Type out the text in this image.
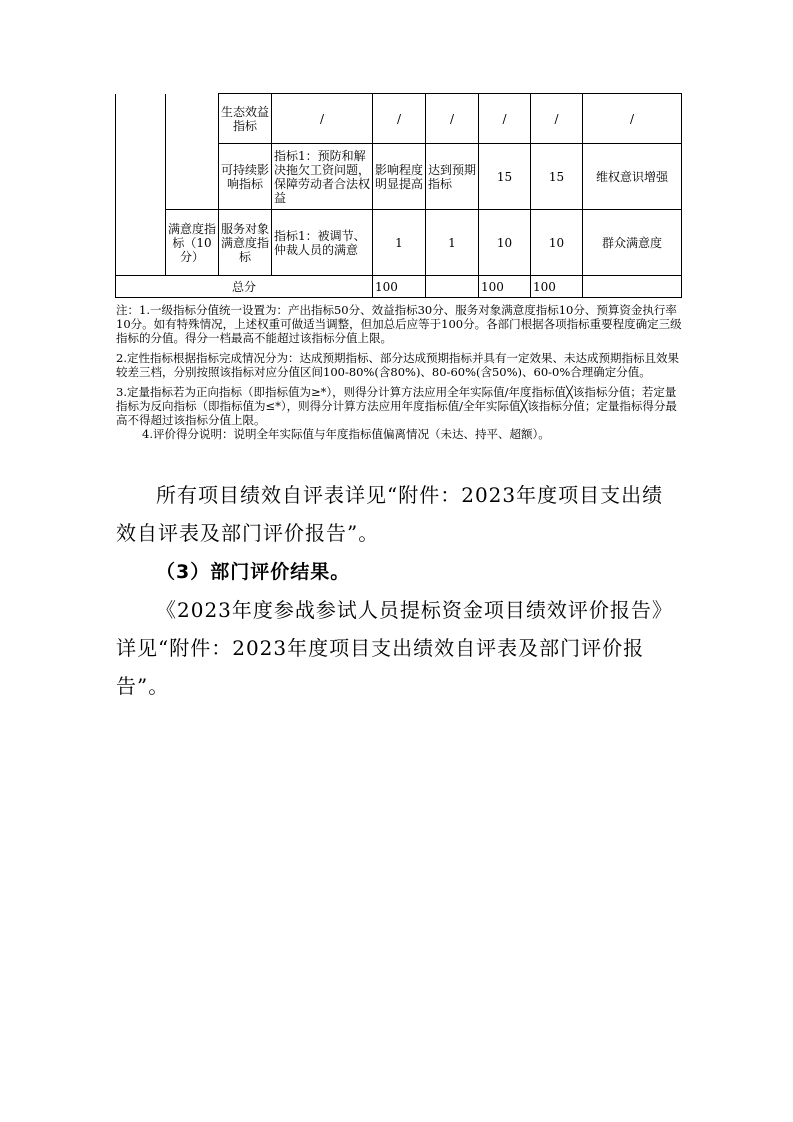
		生态效益指标	/	/	/	/	/	/
		可持续影响指标	指标1：预防和解决拖欠工资问题，保障劳动者合法权益	影响程度明显提高	达到预期指标	15	15	维权意识增强
	满意度指标（10分）	服务对象满意度指标	指标1：被调节、仲裁人员的满意	1	1	10	10	群众满意度
总分				100		100	100	

注：1.一级指标分值统一设置为：产出指标50分、效益指标30分、服务对象满意度指标10分、预算资金执行率10分。如有特殊情况，上述权重可做适当调整，但加总后应等于100分。各部门根据各项指标重要程度确定三级指标的分值。得分一档最高不能超过该指标分值上限。

2.定性指标根据指标完成情况分为：达成预期指标、部分达成预期指标并具有一定效果、未达成预期指标且效果较差三档，分别按照该指标对应分值区间100-80%(含80%)、80-60%(含50%)、60-0%合理确定分值。

3.定量指标若为正向指标（即指标值为≥*），则得分计算方法应用全年实际值/年度指标值╳该指标分值；若定量指标为反向指标（即指标值为≤*），则得分计算方法应用年度指标值/全年实际值╳该指标分值；定量指标得分最高不得超过该指标分值上限。

4.评价得分说明：说明全年实际值与年度指标值偏离情况（未达、持平、超额）。

所有项目绩效自评表详见“附件：2023年度项目支出绩效自评表及部门评价报告”。
（3）部门评价结果。
《2023年度参战参试人员提标资金项目绩效评价报告》详见“附件：2023年度项目支出绩效自评表及部门评价报告”。
